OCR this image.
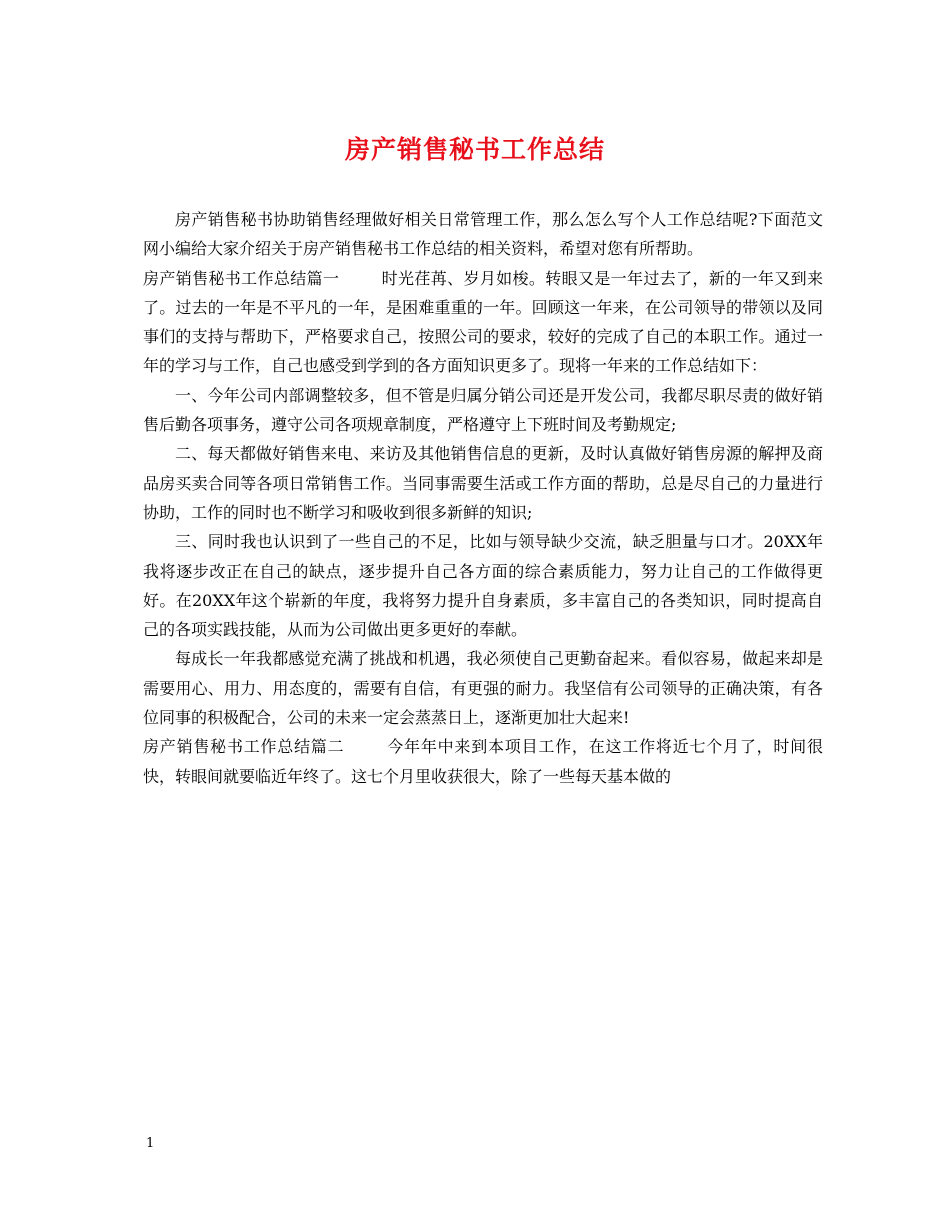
房产销售秘书工作总结

房产销售秘书协助销售经理做好相关日常管理工作，那么怎么写个人工作总结呢?下面范文网小编给大家介绍关于房产销售秘书工作总结的相关资料，希望对您有所帮助。

房产销售秘书工作总结篇一	时光荏苒、岁月如梭。转眼又是一年过去了，新的一年又到来了。过去的一年是不平凡的一年，是困难重重的一年。回顾这一年来，在公司领导的带领以及同事们的支持与帮助下，严格要求自己，按照公司的要求，较好的完成了自己的本职工作。通过一年的学习与工作，自己也感受到学到的各方面知识更多了。现将一年来的工作总结如下：

一、今年公司内部调整较多，但不管是归属分销公司还是开发公司，我都尽职尽责的做好销售后勤各项事务，遵守公司各项规章制度，严格遵守上下班时间及考勤规定;

二、每天都做好销售来电、来访及其他销售信息的更新，及时认真做好销售房源的解押及商品房买卖合同等各项日常销售工作。当同事需要生活或工作方面的帮助，总是尽自己的力量进行协助，工作的同时也不断学习和吸收到很多新鲜的知识;

三、同时我也认识到了一些自己的不足，比如与领导缺少交流，缺乏胆量与口才。20XX年我将逐步改正在自己的缺点，逐步提升自己各方面的综合素质能力，努力让自己的工作做得更好。在20XX年这个崭新的年度，我将努力提升自身素质，多丰富自己的各类知识，同时提高自己的各项实践技能，从而为公司做出更多更好的奉献。

每成长一年我都感觉充满了挑战和机遇，我必须使自己更勤奋起来。看似容易，做起来却是需要用心、用力、用态度的，需要有自信，有更强的耐力。我坚信有公司领导的正确决策，有各位同事的积极配合，公司的未来一定会蒸蒸日上，逐渐更加壮大起来!

房产销售秘书工作总结篇二	今年年中来到本项目工作，在这工作将近七个月了，时间很快，转眼间就要临近年终了。这七个月里收获很大，除了一些每天基本做的

1
